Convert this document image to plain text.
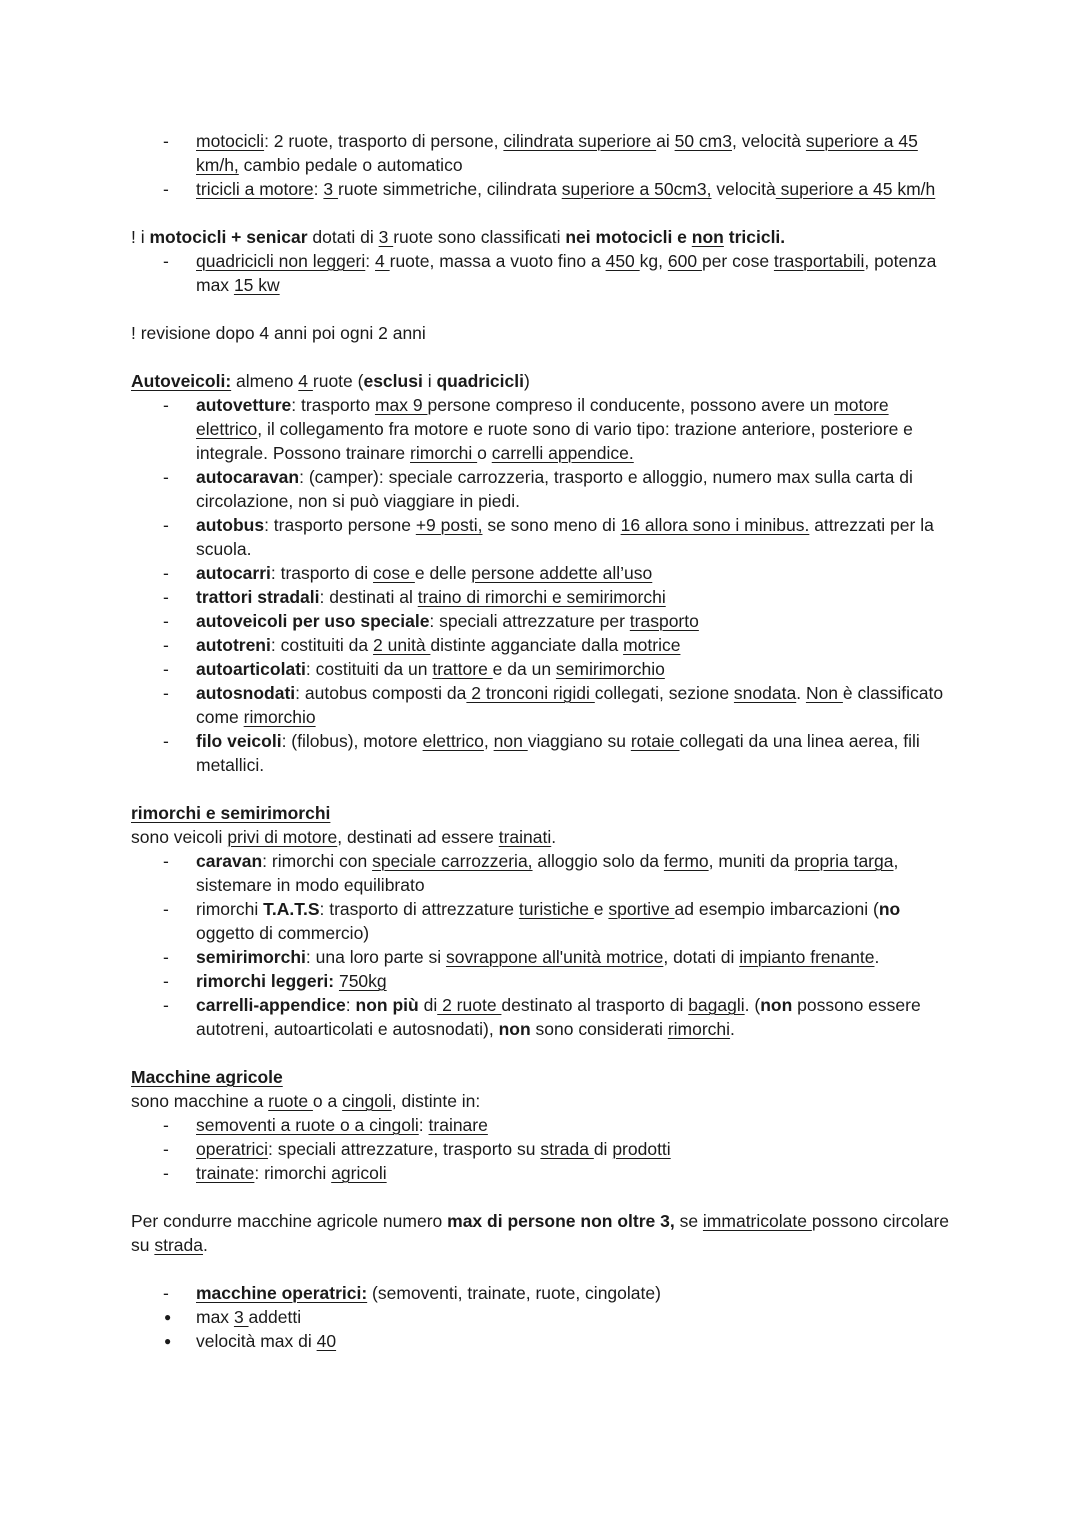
- motocicli: 2 ruote, trasporto di persone, cilindrata superiore ai 50 cm3, velocità superiore a 45 km/h, cambio pedale o automatico
- tricicli a motore: 3 ruote simmetriche, cilindrata superiore a 50cm3, velocità superiore a 45 km/h

! i motocicli + senicar dotati di 3 ruote sono classificati nei motocicli e non tricicli.

- quadricicli non leggeri: 4 ruote, massa a vuoto fino a 450 kg, 600 per cose trasportabili, potenza max 15 kw

! revisione dopo 4 anni poi ogni 2 anni

Autoveicoli: almeno 4 ruote (esclusi i quadricicli)

- autovetture: trasporto max 9 persone compreso il conducente, possono avere un motore elettrico, il collegamento fra motore e ruote sono di vario tipo: trazione anteriore, posteriore e integrale. Possono trainare rimorchi o carrelli appendice.
- autocaravan: (camper): speciale carrozzeria, trasporto e alloggio, numero max sulla carta di circolazione, non si può viaggiare in piedi.
- autobus: trasporto persone +9 posti, se sono meno di 16 allora sono i minibus. attrezzati per la scuola.
- autocarri: trasporto di cose e delle persone addette all’uso
- trattori stradali: destinati al traino di rimorchi e semirimorchi
- autoveicoli per uso speciale: speciali attrezzature per trasporto
- autotreni: costituiti da 2 unità distinte agganciate dalla motrice
- autoarticolati: costituiti da un trattore e da un semirimorchio
- autosnodati: autobus composti da 2 tronconi rigidi collegati, sezione snodata. Non è classificato come rimorchio
- filo veicoli: (filobus), motore elettrico, non viaggiano su rotaie collegati da una linea aerea, fili metallici.

rimorchi e semirimorchi

sono veicoli privi di motore, destinati ad essere trainati.

- caravan: rimorchi con speciale carrozzeria, alloggio solo da fermo, muniti da propria targa, sistemare in modo equilibrato
- rimorchi T.A.T.S: trasporto di attrezzature turistiche e sportive ad esempio imbarcazioni (no oggetto di commercio)
- semirimorchi: una loro parte si sovrappone all'unità motrice, dotati di impianto frenante.
- rimorchi leggeri: 750kg
- carrelli-appendice: non più di 2 ruote destinato al trasporto di bagagli. (non possono essere autotreni, autoarticolati e autosnodati), non sono considerati rimorchi.

Macchine agricole

sono macchine a ruote o a cingoli, distinte in:

- semoventi a ruote o a cingoli: trainare
- operatrici: speciali attrezzature, trasporto su strada di prodotti
- trainate: rimorchi agricoli

Per condurre macchine agricole numero max di persone non oltre 3, se immatricolate possono circolare su strada.

- macchine operatrici: (semoventi, trainate, ruote, cingolate)
● max 3 addetti
● velocità max di 40
